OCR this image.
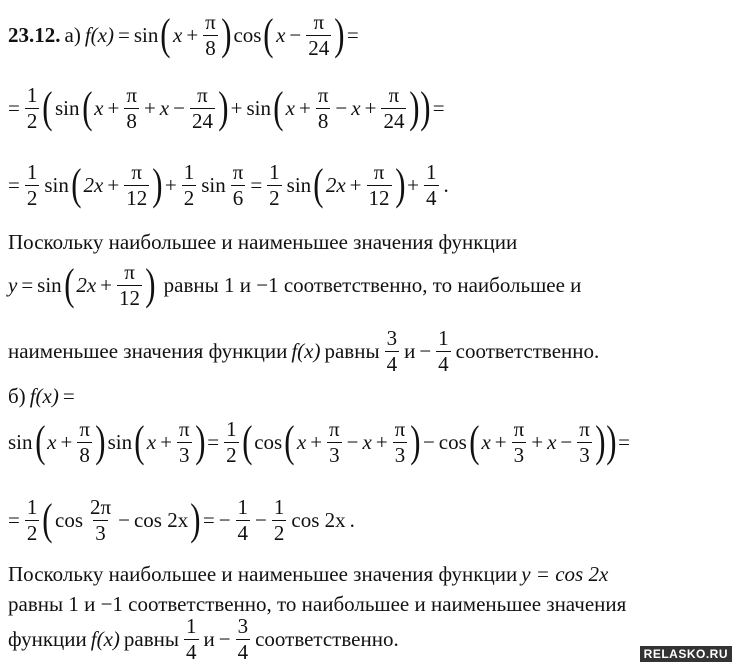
23.12. а) f(x) = sin ( $x + \frac{\pi}{8}$ ) cos ( $x - \frac{\pi}{24}$ ) =
= $\frac{1}{2}$ ( sin ( $x + \frac{\pi}{8} + x - \frac{\pi}{24}$ ) + sin ( $x + \frac{\pi}{8} - x + \frac{\pi}{24}$ ) ) =
= $\frac{1}{2}$ sin ( $2x + \frac{\pi}{12}$ ) + $\frac{1}{2}$ $\sin \frac{\pi}{6} = \frac{1}{2}$ sin ( $2x + \frac{\pi}{12}$ ) + $\frac{1}{4}$ .
Поскольку наибольшее и наименьшее значения функции
y = sin ( $2x + \frac{\pi}{12}$ ) равны 1 и −1 соответственно, то наибольшее и
наименьшее значения функции f(x) равны $\frac{3}{4}$ $и - \frac{1}{4}$ соответственно.
б) f(x) =
sin ( $x + \frac{\pi}{8}$ ) sin ( $x + \frac{\pi}{3}$ ) = $\frac{1}{2}$ ( cos ( $x + \frac{\pi}{3} - x + \frac{\pi}{3}$ ) − cos ( $x + \frac{\pi}{3} + x - \frac{\pi}{3}$ ) ) =
= $\frac{1}{2}$ ( $\cos \frac{2\pi}{3} - \cos 2x$ ) = − $\frac{1}{4} - \frac{1}{2}$ cos 2x .
Поскольку наибольшее и наименьшее значения функции y = cos 2x
равны 1 и −1 соответственно, то наибольшее и наименьшее значения
функции f(x) равны $\frac{1}{4}$ $и - \frac{3}{4}$ соответственно.
RELASKO.RU
